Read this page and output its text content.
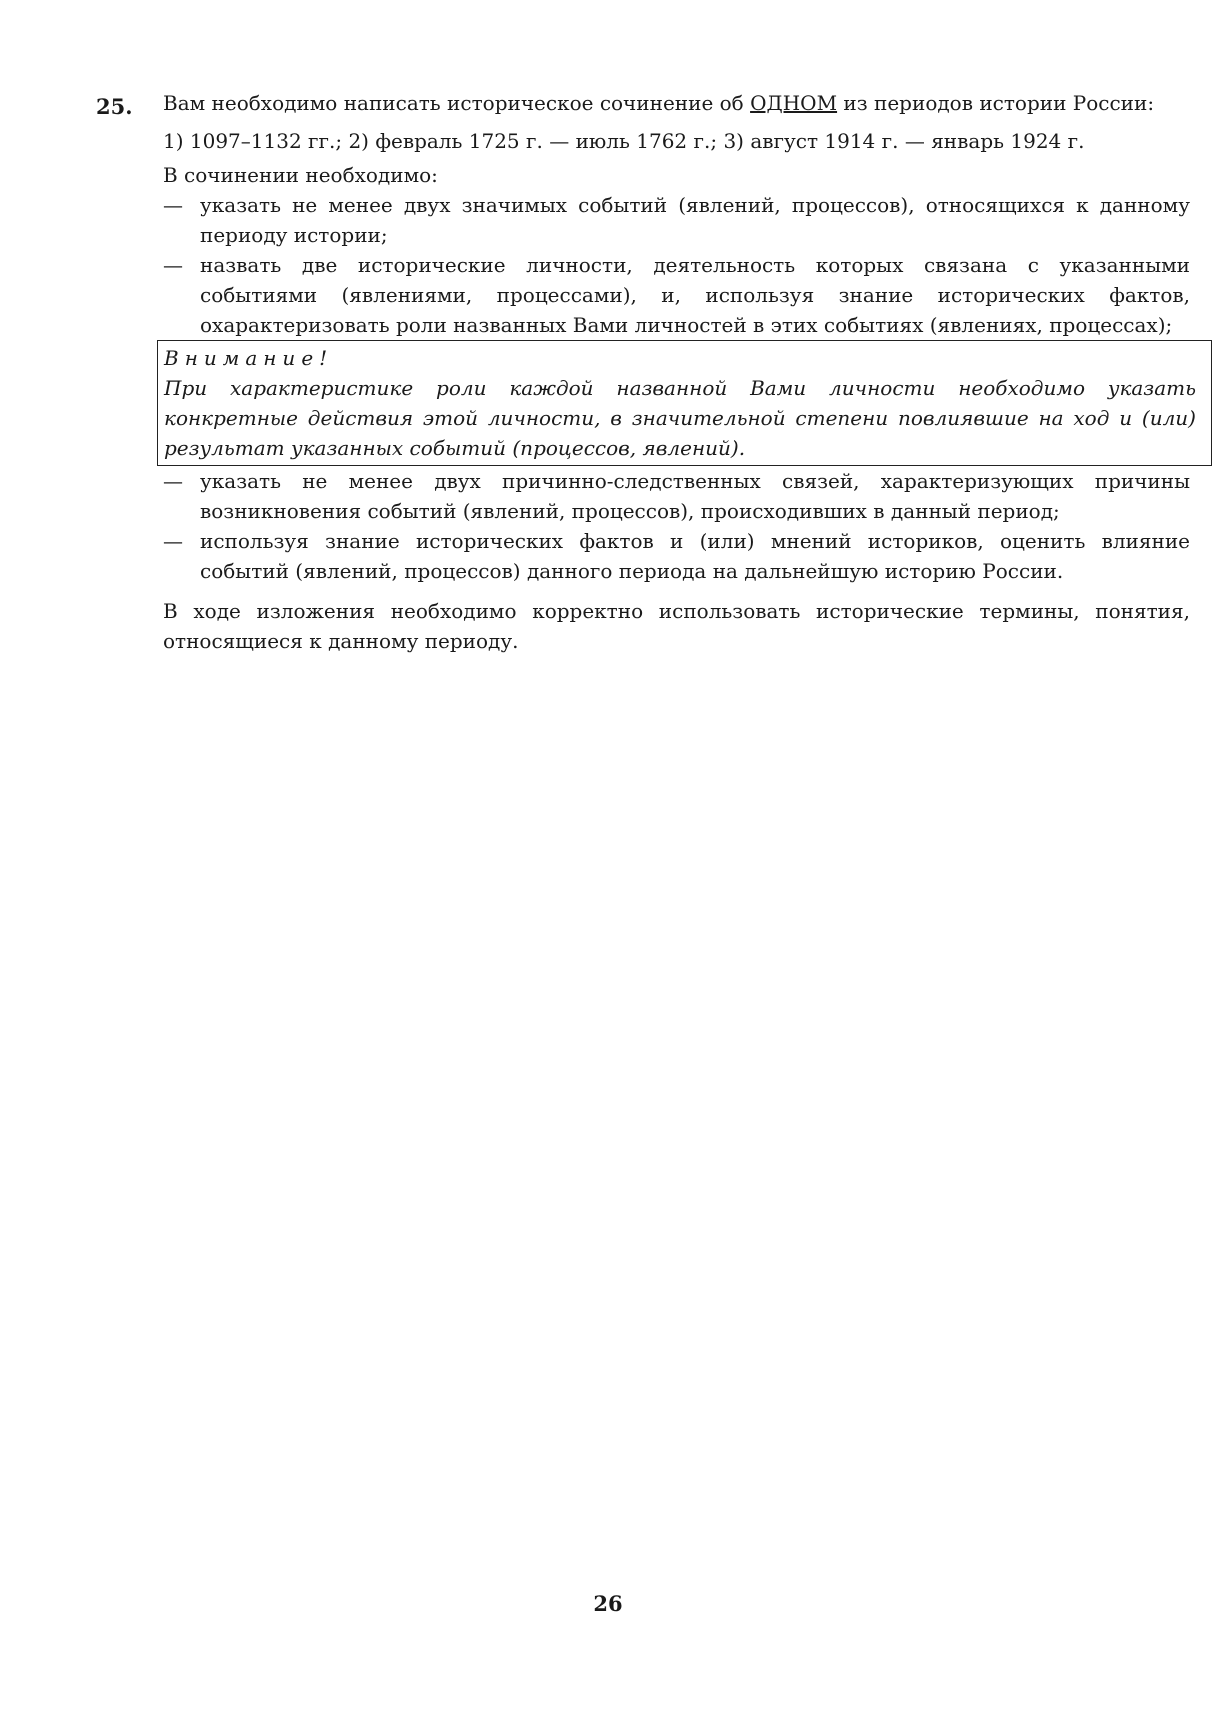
25. Вам необходимо написать историческое сочинение об ОДНОМ из периодов истории России:

1) 1097–1132 гг.; 2) февраль 1725 г. — июль 1762 г.; 3) август 1914 г. — январь 1924 г.

В сочинении необходимо:

— указать не менее двух значимых событий (явлений, процессов), относящихся к данному периоду истории;
— назвать две исторические личности, деятельность которых связана с указанными событиями (явлениями, процессами), и, используя знание исторических фактов, охарактеризовать роли названных Вами личностей в этих событиях (явлениях, процессах);
Внимание!
При характеристике роли каждой названной Вами личности необходимо указать конкретные действия этой личности, в значительной степени повлиявшие на ход и (или) результат указанных событий (процессов, явлений).
— указать не менее двух причинно-следственных связей, характеризующих причины возникновения событий (явлений, процессов), происходивших в данный период;
— используя знание исторических фактов и (или) мнений историков, оценить влияние событий (явлений, процессов) данного периода на дальнейшую историю России.

В ходе изложения необходимо корректно использовать исторические термины, понятия, относящиеся к данному периоду.

26
